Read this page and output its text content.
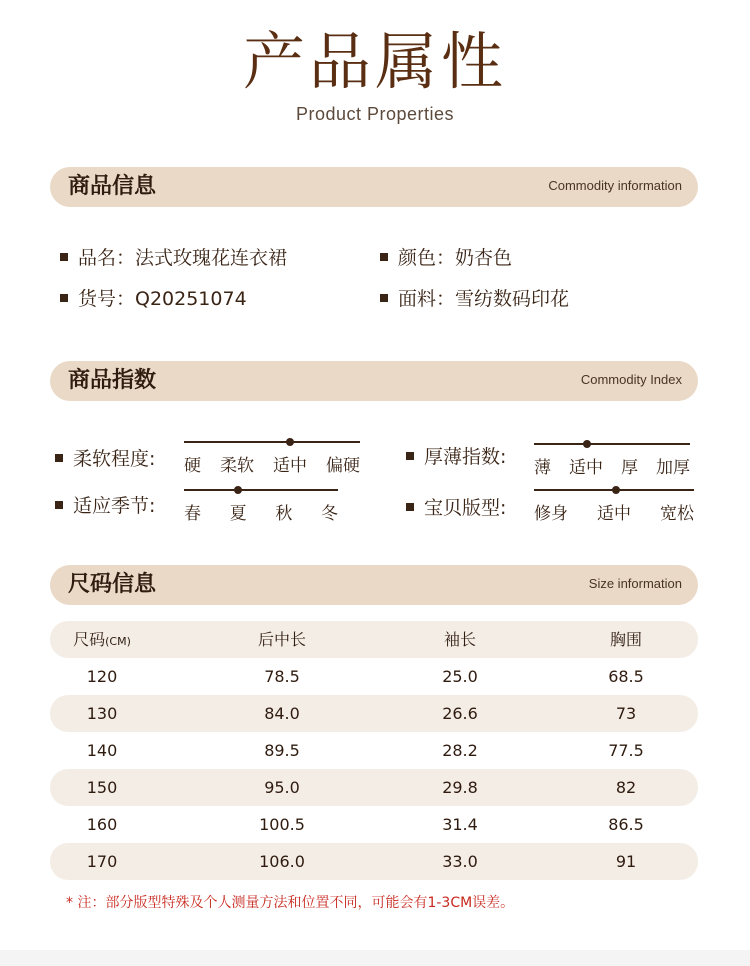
产品属性
Product Properties
商品信息	Commodity information
品名：法式玫瑰花连衣裙	颜色：奶杏色
货号：Q20251074	面料：雪纺数码印花
商品指数	Commodity Index
柔软程度: 硬 柔软 适中 偏硬	厚薄指数: 薄 适中 厚 加厚
适应季节: 春 夏 秋 冬	宝贝版型: 修身 适中 宽松
尺码信息	Size information
尺码(CM)	后中长	袖长	胸围
120	78.5	25.0	68.5
130	84.0	26.6	73
140	89.5	28.2	77.5
150	95.0	29.8	82
160	100.5	31.4	86.5
170	106.0	33.0	91
* 注：部分版型特殊及个人测量方法和位置不同，可能会有1-3CM误差。
